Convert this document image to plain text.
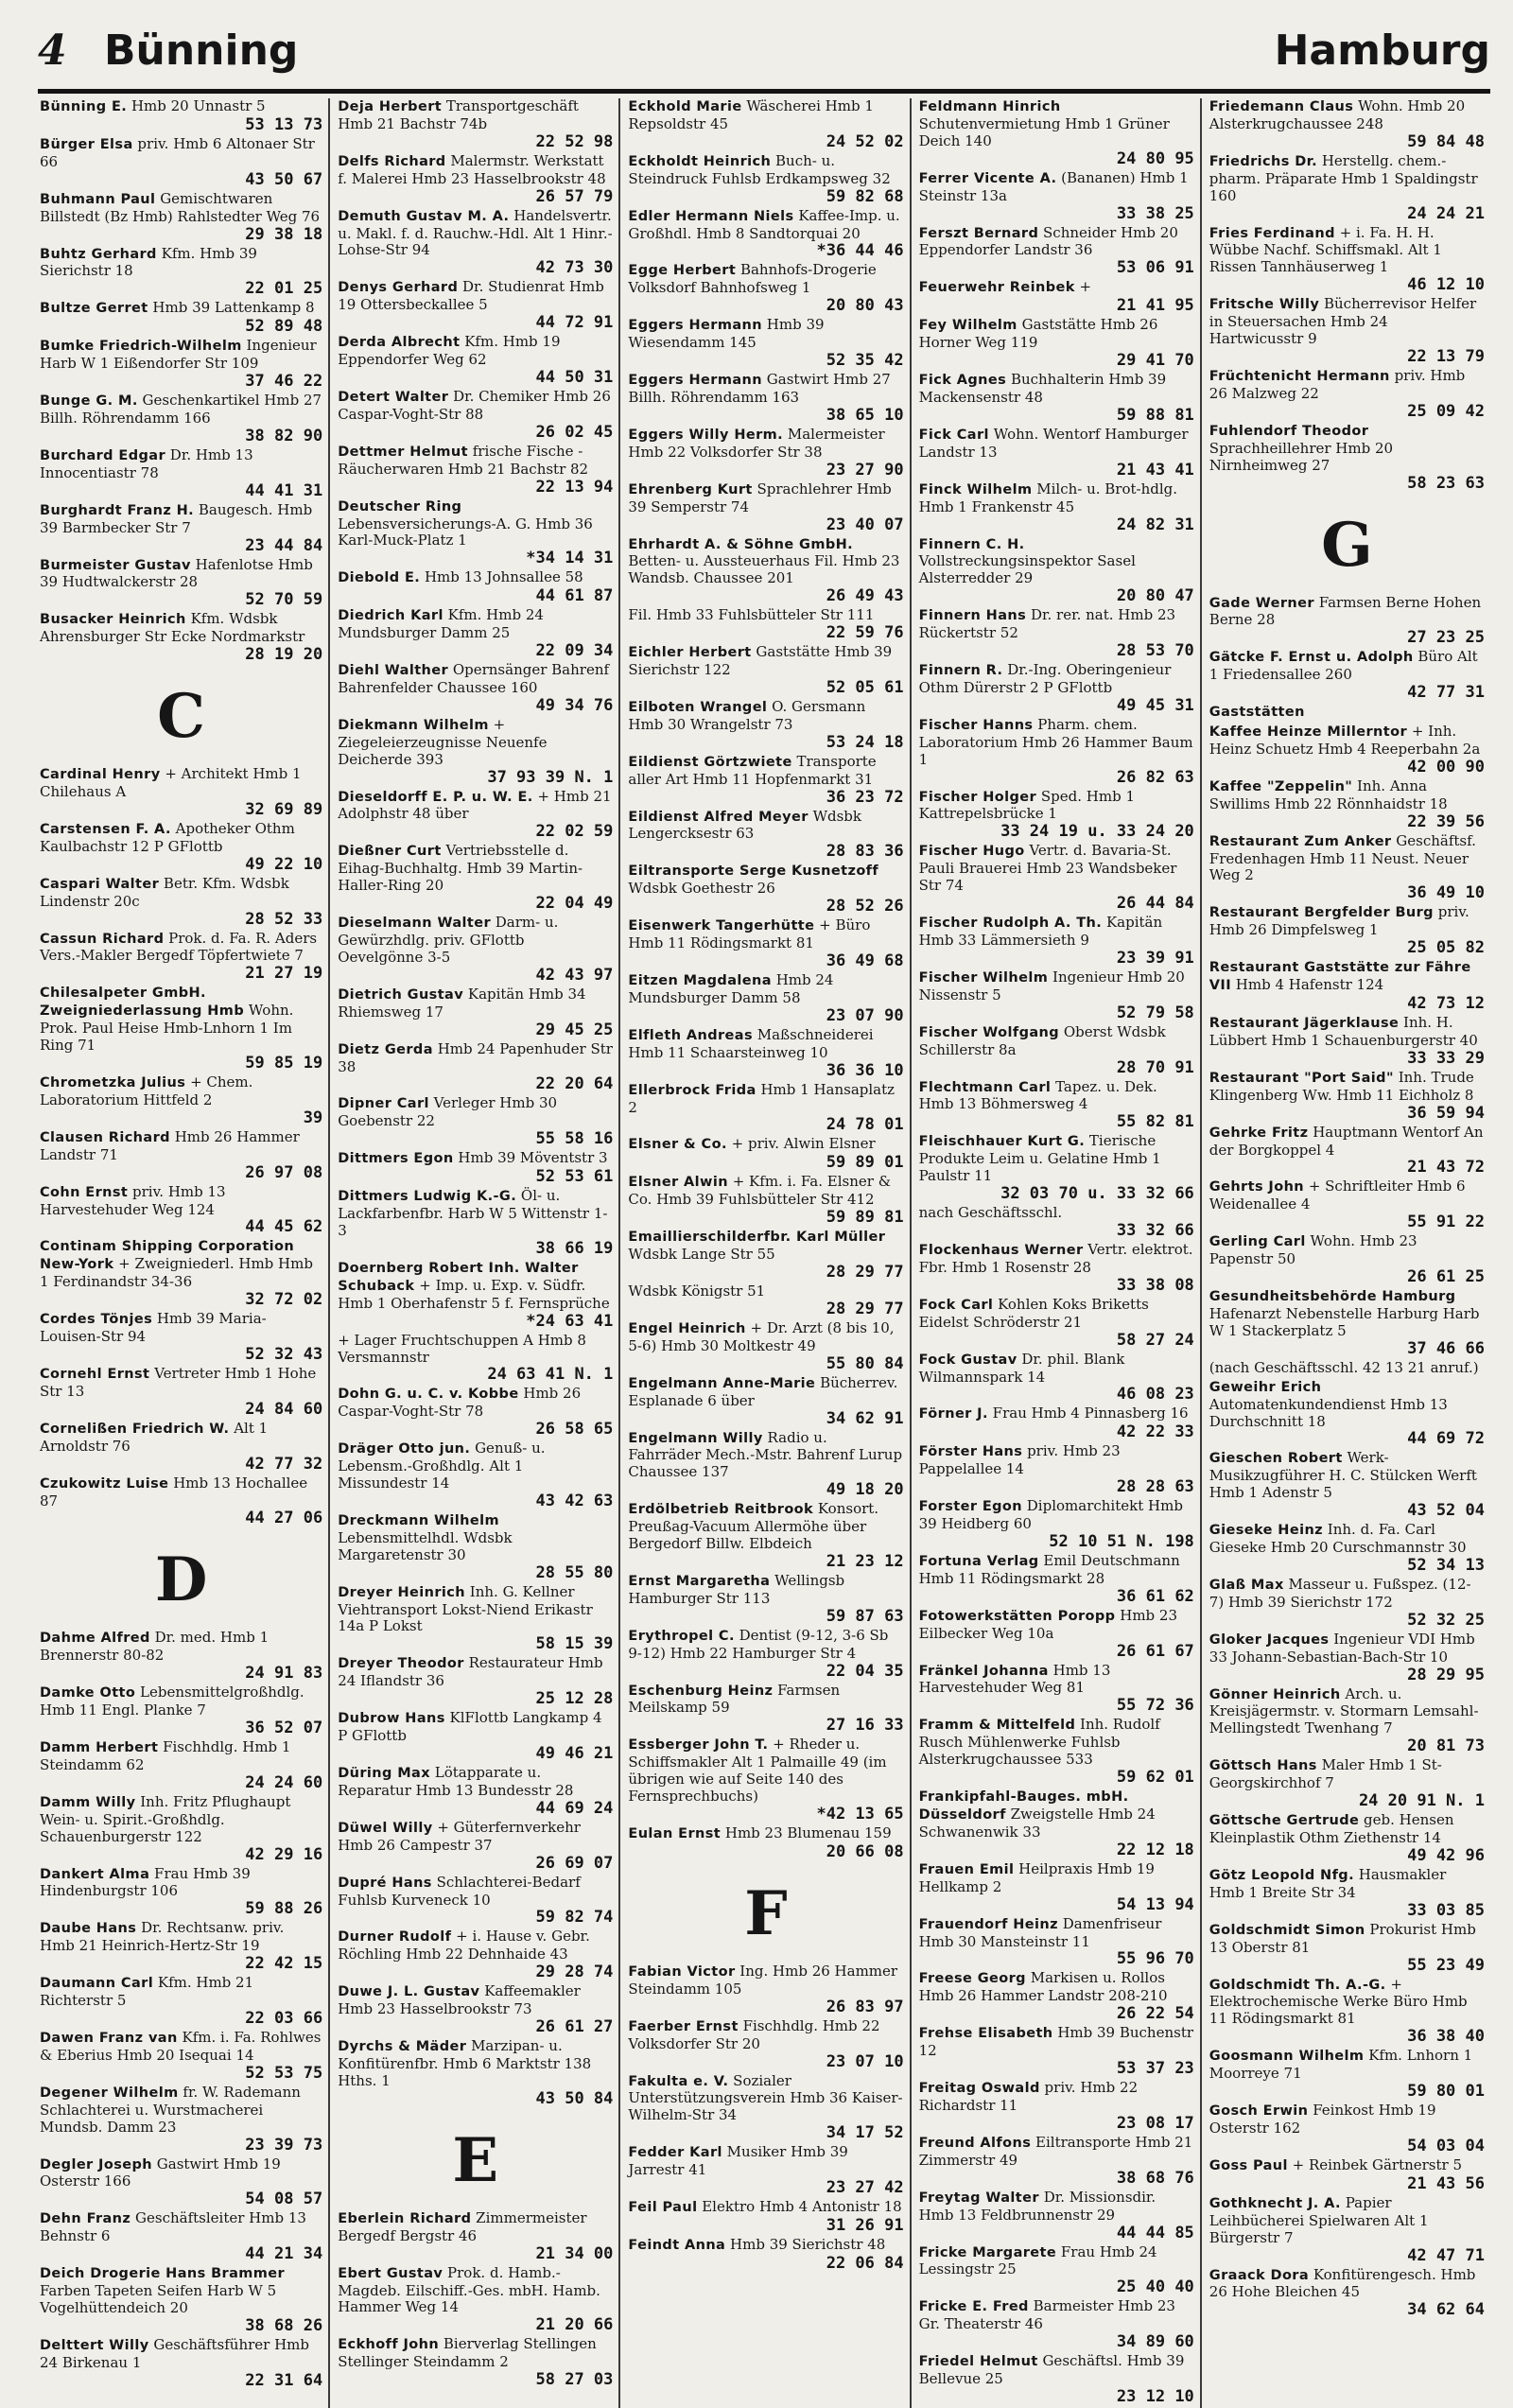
4 Bünning	Hamburg
Bünning E. Hmb 20 Unnastr 5
53 13 73
Bürger Elsa priv. Hmb 6 Altonaer Str 66
43 50 67
Buhmann Paul Gemischtwaren Billstedt (Bz Hmb) Rahlstedter Weg 76
29 38 18
Buhtz Gerhard Kfm. Hmb 39 Sierichstr 18
22 01 25
Bultze Gerret Hmb 39 Lattenkamp 8
52 89 48
Bumke Friedrich-Wilhelm Ingenieur Harb W 1 Eißendorfer Str 109
37 46 22
Bunge G. M. Geschenkartikel Hmb 27 Billh. Röhrendamm 166
38 82 90
Burchard Edgar Dr. Hmb 13 Innocentiastr 78
44 41 31
Burghardt Franz H. Baugesch. Hmb 39 Barmbecker Str 7
23 44 84
Burmeister Gustav Hafenlotse Hmb 39 Hudtwalckerstr 28
52 70 59
Busacker Heinrich Kfm. Wdsbk Ahrensburger Str Ecke Nordmarkstr
28 19 20
C
Cardinal Henry + Architekt Hmb 1 Chilehaus A
32 69 89
Carstensen F. A. Apotheker Othm Kaulbachstr 12 P GFlottb
49 22 10
Caspari Walter Betr. Kfm. Wdsbk Lindenstr 20c
28 52 33
Cassun Richard Prok. d. Fa. R. Aders Vers.-Makler Bergedf Töpfertwiete 7
21 27 19
Chilesalpeter GmbH. Zweigniederlassung Hmb Wohn. Prok. Paul Heise Hmb-Lnhorn 1 Im Ring 71
59 85 19
Chrometzka Julius + Chem. Laboratorium Hittfeld 2
39
Clausen Richard Hmb 26 Hammer Landstr 71
26 97 08
Cohn Ernst priv. Hmb 13 Harvestehuder Weg 124
44 45 62
Continam Shipping Corporation New-York + Zweigniederl. Hmb Hmb 1 Ferdinandstr 34-36
32 72 02
Cordes Tönjes Hmb 39 Maria-Louisen-Str 94
52 32 43
Cornehl Ernst Vertreter Hmb 1 Hohe Str 13
24 84 60
Cornelißen Friedrich W. Alt 1 Arnoldstr 76
42 77 32
Czukowitz Luise Hmb 13 Hochallee 87
44 27 06
D
Dahme Alfred Dr. med. Hmb 1 Brennerstr 80-82
24 91 83
Damke Otto Lebensmittelgroßhdlg. Hmb 11 Engl. Planke 7
36 52 07
Damm Herbert Fischhdlg. Hmb 1 Steindamm 62
24 24 60
Damm Willy Inh. Fritz Pflughaupt Wein- u. Spirit.-Großhdlg. Schauenburgerstr 122
42 29 16
Dankert Alma Frau Hmb 39 Hindenburgstr 106
59 88 26
Daube Hans Dr. Rechtsanw. priv. Hmb 21 Heinrich-Hertz-Str 19
22 42 15
Daumann Carl Kfm. Hmb 21 Richterstr 5
22 03 66
Dawen Franz van Kfm. i. Fa. Rohlwes & Eberius Hmb 20 Isequai 14
52 53 75
Degener Wilhelm fr. W. Rademann Schlachterei u. Wurstmacherei Mundsb. Damm 23
23 39 73
Degler Joseph Gastwirt Hmb 19 Osterstr 166
54 08 57
Dehn Franz Geschäftsleiter Hmb 13 Behnstr 6
44 21 34
Deich Drogerie Hans Brammer Farben Tapeten Seifen Harb W 5 Vogelhüttendeich 20
38 68 26
Delttert Willy Geschäftsführer Hmb 24 Birkenau 1
22 31 64
Deja Herbert Transportgeschäft Hmb 21 Bachstr 74b
22 52 98
Delfs Richard Malermstr. Werkstatt f. Malerei Hmb 23 Hasselbrookstr 48
26 57 79
Demuth Gustav M. A. Handelsvertr. u. Makl. f. d. Rauchw.-Hdl. Alt 1 Hinr.-Lohse-Str 94
42 73 30
Denys Gerhard Dr. Studienrat Hmb 19 Ottersbeckallee 5
44 72 91
Derda Albrecht Kfm. Hmb 19 Eppendorfer Weg 62
44 50 31
Detert Walter Dr. Chemiker Hmb 26 Caspar-Voght-Str 88
26 02 45
Dettmer Helmut frische Fische - Räucherwaren Hmb 21 Bachstr 82
22 13 94
Deutscher Ring Lebensversicherungs-A. G. Hmb 36 Karl-Muck-Platz 1
*34 14 31
Diebold E. Hmb 13 Johnsallee 58
44 61 87
Diedrich Karl Kfm. Hmb 24 Mundsburger Damm 25
22 09 34
Diehl Walther Opernsänger Bahrenf Bahrenfelder Chaussee 160
49 34 76
Diekmann Wilhelm + Ziegeleierzeugnisse Neuenfe Deicherde 393
37 93 39 N. 1
Dieseldorff E. P. u. W. E. + Hmb 21 Adolphstr 48 über
22 02 59
Dießner Curt Vertriebsstelle d. Eihag-Buchhaltg. Hmb 39 Martin-Haller-Ring 20
22 04 49
Dieselmann Walter Darm- u. Gewürzhdlg. priv. GFlottb Oevelgönne 3-5
42 43 97
Dietrich Gustav Kapitän Hmb 34 Rhiemsweg 17
29 45 25
Dietz Gerda Hmb 24 Papenhuder Str 38
22 20 64
Dipner Carl Verleger Hmb 30 Goebenstr 22
55 58 16
Dittmers Egon Hmb 39 Möventstr 3
52 53 61
Dittmers Ludwig K.-G. Öl- u. Lackfarbenfbr. Harb W 5 Wittenstr 1-3
38 66 19
Doernberg Robert Inh. Walter Schuback + Imp. u. Exp. v. Südfr. Hmb 1 Oberhafenstr 5 f. Fernsprüche
*24 63 41
+ Lager Fruchtschuppen A Hmb 8 Versmannstr
24 63 41 N. 1
Dohn G. u. C. v. Kobbe Hmb 26 Caspar-Voght-Str 78
26 58 65
Dräger Otto jun. Genuß- u. Lebensm.-Großhdlg. Alt 1 Missundestr 14
43 42 63
Dreckmann Wilhelm Lebensmittelhdl. Wdsbk Margaretenstr 30
28 55 80
Dreyer Heinrich Inh. G. Kellner Viehtransport Lokst-Niend Erikastr 14a P Lokst
58 15 39
Dreyer Theodor Restaurateur Hmb 24 Iflandstr 36
25 12 28
Dubrow Hans KlFlottb Langkamp 4 P GFlottb
49 46 21
Düring Max Lötapparate u. Reparatur Hmb 13 Bundesstr 28
44 69 24
Düwel Willy + Güterfernverkehr Hmb 26 Campestr 37
26 69 07
Dupré Hans Schlachterei-Bedarf Fuhlsb Kurveneck 10
59 82 74
Durner Rudolf + i. Hause v. Gebr. Röchling Hmb 22 Dehnhaide 43
29 28 74
Duwe J. L. Gustav Kaffeemakler Hmb 23 Hasselbrookstr 73
26 61 27
Dyrchs & Mäder Marzipan- u. Konfitürenfbr. Hmb 6 Marktstr 138 Hths. 1
43 50 84
E
Eberlein Richard Zimmermeister Bergedf Bergstr 46
21 34 00
Ebert Gustav Prok. d. Hamb.-Magdeb. Eilschiff.-Ges. mbH. Hamb. Hammer Weg 14
21 20 66
Eckhoff John Bierverlag Stellingen Stellinger Steindamm 2
58 27 03
Eckhold Marie Wäscherei Hmb 1 Repsoldstr 45
24 52 02
Eckholdt Heinrich Buch- u. Steindruck Fuhlsb Erdkampsweg 32
59 82 68
Edler Hermann Niels Kaffee-Imp. u. Großhdl. Hmb 8 Sandtorquai 20
*36 44 46
Egge Herbert Bahnhofs-Drogerie Volksdorf Bahnhofsweg 1
20 80 43
Eggers Hermann Hmb 39 Wiesendamm 145
52 35 42
Eggers Hermann Gastwirt Hmb 27 Billh. Röhrendamm 163
38 65 10
Eggers Willy Herm. Malermeister Hmb 22 Volksdorfer Str 38
23 27 90
Ehrenberg Kurt Sprachlehrer Hmb 39 Semperstr 74
23 40 07
Ehrhardt A. & Söhne GmbH. Betten- u. Aussteuerhaus Fil. Hmb 23 Wandsb. Chaussee 201
26 49 43
Fil. Hmb 33 Fuhlsbütteler Str 111
22 59 76
Eichler Herbert Gaststätte Hmb 39 Sierichstr 122
52 05 61
Eilboten Wrangel O. Gersmann Hmb 30 Wrangelstr 73
53 24 18
Eildienst Görtzwiete Transporte aller Art Hmb 11 Hopfenmarkt 31
36 23 72
Eildienst Alfred Meyer Wdsbk Lengercksestr 63
28 83 36
Eiltransporte Serge Kusnetzoff Wdsbk Goethestr 26
28 52 26
Eisenwerk Tangerhütte + Büro Hmb 11 Rödingsmarkt 81
36 49 68
Eitzen Magdalena Hmb 24 Mundsburger Damm 58
23 07 90
Elfleth Andreas Maßschneiderei Hmb 11 Schaarsteinweg 10
36 36 10
Ellerbrock Frida Hmb 1 Hansaplatz 2
24 78 01
Elsner & Co. + priv. Alwin Elsner
59 89 01
Elsner Alwin + Kfm. i. Fa. Elsner & Co. Hmb 39 Fuhlsbütteler Str 412
59 89 81
Emaillierschilderfbr. Karl Müller Wdsbk Lange Str 55
28 29 77
Wdsbk Königstr 51
28 29 77
Engel Heinrich + Dr. Arzt (8 bis 10, 5-6) Hmb 30 Moltkestr 49
55 80 84
Engelmann Anne-Marie Bücherrev. Esplanade 6 über
34 62 91
Engelmann Willy Radio u. Fahrräder Mech.-Mstr. Bahrenf Lurup Chaussee 137
49 18 20
Erdölbetrieb Reitbrook Konsort. Preußag-Vacuum Allermöhe über Bergedorf Billw. Elbdeich
21 23 12
Ernst Margaretha Wellingsb Hamburger Str 113
59 87 63
Erythropel C. Dentist (9-12, 3-6 Sb 9-12) Hmb 22 Hamburger Str 4
22 04 35
Eschenburg Heinz Farmsen Meilskamp 59
27 16 33
Essberger John T. + Rheder u. Schiffsmakler Alt 1 Palmaille 49 (im übrigen wie auf Seite 140 des Fernsprechbuchs)
*42 13 65
Eulan Ernst Hmb 23 Blumenau 159
20 66 08
F
Fabian Victor Ing. Hmb 26 Hammer Steindamm 105
26 83 97
Faerber Ernst Fischhdlg. Hmb 22 Volksdorfer Str 20
23 07 10
Fakulta e. V. Sozialer Unterstützungsverein Hmb 36 Kaiser-Wilhelm-Str 34
34 17 52
Fedder Karl Musiker Hmb 39 Jarrestr 41
23 27 42
Feil Paul Elektro Hmb 4 Antonistr 18
31 26 91
Feindt Anna Hmb 39 Sierichstr 48
22 06 84
Feldmann Hinrich Schutenvermietung Hmb 1 Grüner Deich 140
24 80 95
Ferrer Vicente A. (Bananen) Hmb 1 Steinstr 13a
33 38 25
Ferszt Bernard Schneider Hmb 20 Eppendorfer Landstr 36
53 06 91
Feuerwehr Reinbek +
21 41 95
Fey Wilhelm Gaststätte Hmb 26 Horner Weg 119
29 41 70
Fick Agnes Buchhalterin Hmb 39 Mackensenstr 48
59 88 81
Fick Carl Wohn. Wentorf Hamburger Landstr 13
21 43 41
Finck Wilhelm Milch- u. Brot-hdlg. Hmb 1 Frankenstr 45
24 82 31
Finnern C. H. Vollstreckungsinspektor Sasel Alsterredder 29
20 80 47
Finnern Hans Dr. rer. nat. Hmb 23 Rückertstr 52
28 53 70
Finnern R. Dr.-Ing. Oberingenieur Othm Dürerstr 2 P GFlottb
49 45 31
Fischer Hanns Pharm. chem. Laboratorium Hmb 26 Hammer Baum 1
26 82 63
Fischer Holger Sped. Hmb 1 Kattrepelsbrücke 1
33 24 19 u. 33 24 20
Fischer Hugo Vertr. d. Bavaria-St. Pauli Brauerei Hmb 23 Wandsbeker Str 74
26 44 84
Fischer Rudolph A. Th. Kapitän Hmb 33 Lämmersieth 9
23 39 91
Fischer Wilhelm Ingenieur Hmb 20 Nissenstr 5
52 79 58
Fischer Wolfgang Oberst Wdsbk Schillerstr 8a
28 70 91
Flechtmann Carl Tapez. u. Dek. Hmb 13 Böhmersweg 4
55 82 81
Fleischhauer Kurt G. Tierische Produkte Leim u. Gelatine Hmb 1 Paulstr 11
32 03 70 u. 33 32 66
nach Geschäftsschl.
33 32 66
Flockenhaus Werner Vertr. elektrot. Fbr. Hmb 1 Rosenstr 28
33 38 08
Fock Carl Kohlen Koks Briketts Eidelst Schröderstr 21
58 27 24
Fock Gustav Dr. phil. Blank Wilmannspark 14
46 08 23
Förner J. Frau Hmb 4 Pinnasberg 16
42 22 33
Förster Hans priv. Hmb 23 Pappelallee 14
28 28 63
Forster Egon Diplomarchitekt Hmb 39 Heidberg 60
52 10 51 N. 198
Fortuna Verlag Emil Deutschmann Hmb 11 Rödingsmarkt 28
36 61 62
Fotowerkstätten Poropp Hmb 23 Eilbecker Weg 10a
26 61 67
Fränkel Johanna Hmb 13 Harvestehuder Weg 81
55 72 36
Framm & Mittelfeld Inh. Rudolf Rusch Mühlenwerke Fuhlsb Alsterkrugchaussee 533
59 62 01
Frankipfahl-Bauges. mbH. Düsseldorf Zweigstelle Hmb 24 Schwanenwik 33
22 12 18
Frauen Emil Heilpraxis Hmb 19 Hellkamp 2
54 13 94
Frauendorf Heinz Damenfriseur Hmb 30 Mansteinstr 11
55 96 70
Freese Georg Markisen u. Rollos Hmb 26 Hammer Landstr 208-210
26 22 54
Frehse Elisabeth Hmb 39 Buchenstr 12
53 37 23
Freitag Oswald priv. Hmb 22 Richardstr 11
23 08 17
Freund Alfons Eiltransporte Hmb 21 Zimmerstr 49
38 68 76
Freytag Walter Dr. Missionsdir. Hmb 13 Feldbrunnenstr 29
44 44 85
Fricke Margarete Frau Hmb 24 Lessingstr 25
25 40 40
Fricke E. Fred Barmeister Hmb 23 Gr. Theaterstr 46
34 89 60
Friedel Helmut Geschäftsl. Hmb 39 Bellevue 25
23 12 10
Friedemann Claus Wohn. Hmb 20 Alsterkrugchaussee 248
59 84 48
Friedrichs Dr. Herstellg. chem.-pharm. Präparate Hmb 1 Spaldingstr 160
24 24 21
Fries Ferdinand + i. Fa. H. H. Wübbe Nachf. Schiffsmakl. Alt 1 Rissen Tannhäuserweg 1
46 12 10
Fritsche Willy Bücherrevisor Helfer in Steuersachen Hmb 24 Hartwicusstr 9
22 13 79
Früchtenicht Hermann priv. Hmb 26 Malzweg 22
25 09 42
Fuhlendorf Theodor Sprachheillehrer Hmb 20 Nirnheimweg 27
58 23 63
G
Gade Werner Farmsen Berne Hohen Berne 28
27 23 25
Gätcke F. Ernst u. Adolph Büro Alt 1 Friedensallee 260
42 77 31
Gaststätten
Kaffee Heinze Millerntor + Inh. Heinz Schuetz Hmb 4 Reeperbahn 2a
42 00 90
Kaffee "Zeppelin" Inh. Anna Swillims Hmb 22 Rönnhaidstr 18
22 39 56
Restaurant Zum Anker Geschäftsf. Fredenhagen Hmb 11 Neust. Neuer Weg 2
36 49 10
Restaurant Bergfelder Burg priv. Hmb 26 Dimpfelsweg 1
25 05 82
Restaurant Gaststätte zur Fähre VII Hmb 4 Hafenstr 124
42 73 12
Restaurant Jägerklause Inh. H. Lübbert Hmb 1 Schauenburgerstr 40
33 33 29
Restaurant "Port Said" Inh. Trude Klingenberg Ww. Hmb 11 Eichholz 8
36 59 94
Gehrke Fritz Hauptmann Wentorf An der Borgkoppel 4
21 43 72
Gehrts John + Schriftleiter Hmb 6 Weidenallee 4
55 91 22
Gerling Carl Wohn. Hmb 23 Papenstr 50
26 61 25
Gesundheitsbehörde Hamburg Hafenarzt Nebenstelle Harburg Harb W 1 Stackerplatz 5
37 46 66
(nach Geschäftsschl. 42 13 21 anruf.)
Geweihr Erich Automatenkundendienst Hmb 13 Durchschnitt 18
44 69 72
Gieschen Robert Werk-Musikzugführer H. C. Stülcken Werft Hmb 1 Adenstr 5
43 52 04
Gieseke Heinz Inh. d. Fa. Carl Gieseke Hmb 20 Curschmannstr 30
52 34 13
Glaß Max Masseur u. Fußspez. (12-7) Hmb 39 Sierichstr 172
52 32 25
Gloker Jacques Ingenieur VDI Hmb 33 Johann-Sebastian-Bach-Str 10
28 29 95
Gönner Heinrich Arch. u. Kreisjägermstr. v. Stormarn Lemsahl-Mellingstedt Twenhang 7
20 81 73
Göttsch Hans Maler Hmb 1 St-Georgskirchhof 7
24 20 91 N. 1
Göttsche Gertrude geb. Hensen Kleinplastik Othm Ziethenstr 14
49 42 96
Götz Leopold Nfg. Hausmakler Hmb 1 Breite Str 34
33 03 85
Goldschmidt Simon Prokurist Hmb 13 Oberstr 81
55 23 49
Goldschmidt Th. A.-G. + Elektrochemische Werke Büro Hmb 11 Rödingsmarkt 81
36 38 40
Goosmann Wilhelm Kfm. Lnhorn 1 Moorreye 71
59 80 01
Gosch Erwin Feinkost Hmb 19 Osterstr 162
54 03 04
Goss Paul + Reinbek Gärtnerstr 5
21 43 56
Gothknecht J. A. Papier Leihbücherei Spielwaren Alt 1 Bürgerstr 7
42 47 71
Graack Dora Konfitürengesch. Hmb 26 Hohe Bleichen 45
34 62 64
